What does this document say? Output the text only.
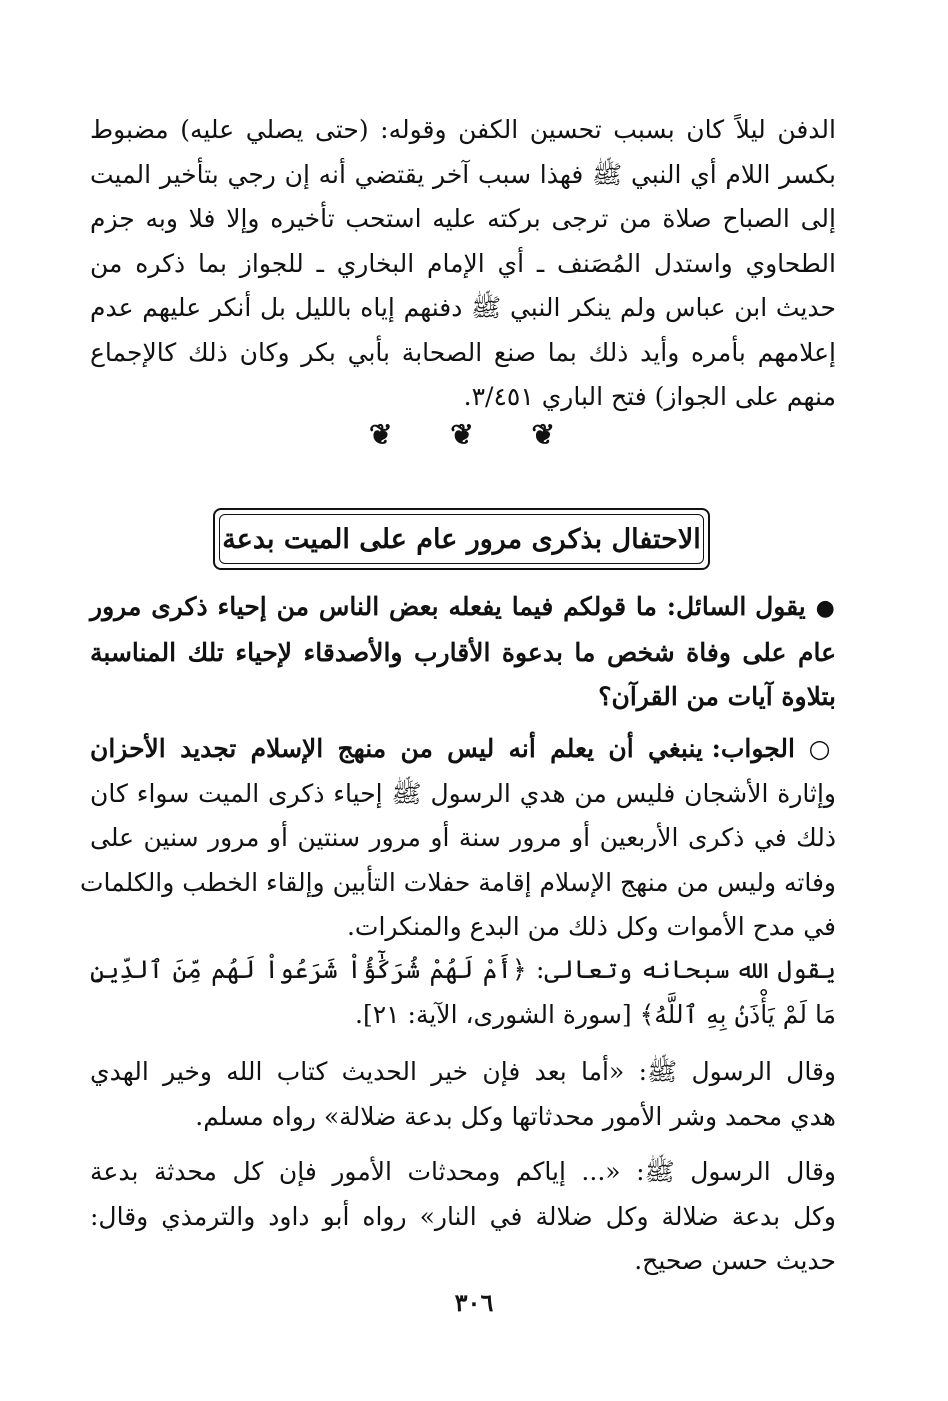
الدفن ليلاً كان بسبب تحسين الكفن وقوله: (حتى يصلي عليه) مضبوط
بكسر اللام أي النبي ﷺ فهذا سبب آخر يقتضي أنه إن رجي بتأخير الميت
إلى الصباح صلاة من ترجى بركته عليه استحب تأخيره وإلا فلا وبه جزم
الطحاوي واستدل المُصَنف ـ أي الإمام البخاري ـ للجواز بما ذكره من
حديث ابن عباس ولم ينكر النبي ﷺ دفنهم إياه بالليل بل أنكر عليهم عدم
إعلامهم بأمره وأيد ذلك بما صنع الصحابة بأبي بكر وكان ذلك كالإجماع
منهم على الجواز) فتح الباري ٣/٤٥١.
❦ ❦ ❦
الاحتفال بذكرى مرور عام على الميت بدعة
● يقول السائل: ما قولكم فيما يفعله بعض الناس من إحياء ذكرى مرور
عام على وفاة شخص ما بدعوة الأقارب والأصدقاء لإحياء تلك المناسبة
بتلاوة آيات من القرآن؟
○ الجواب: ينبغي أن يعلم أنه ليس من منهج الإسلام تجديد الأحزان
وإثارة الأشجان فليس من هدي الرسول ﷺ إحياء ذكرى الميت سواء كان
ذلك في ذكرى الأربعين أو مرور سنة أو مرور سنتين أو مرور سنين على
وفاته وليس من منهج الإسلام إقامة حفلات التأبين وإلقاء الخطب والكلمات
في مدح الأموات وكل ذلك من البدع والمنكرات.
يقول الله سبحانه وتعالى: ﴿أَمْ لَهُمْ شُرَكَٰٓؤُاْ شَرَعُواْ لَهُم مِّنَ ٱلدِّينِ
مَا لَمْ يَأْذَنۢ بِهِ ٱللَّهُ﴾ [سورة الشورى، الآية: ٢١].
وقال الرسول ﷺ: «أما بعد فإن خير الحديث كتاب الله وخير الهدي
هدي محمد وشر الأمور محدثاتها وكل بدعة ضلالة» رواه مسلم.
وقال الرسول ﷺ: «... إياكم ومحدثات الأمور فإن كل محدثة بدعة
وكل بدعة ضلالة وكل ضلالة في النار» رواه أبو داود والترمذي وقال:
حديث حسن صحيح.
٣٠٦
